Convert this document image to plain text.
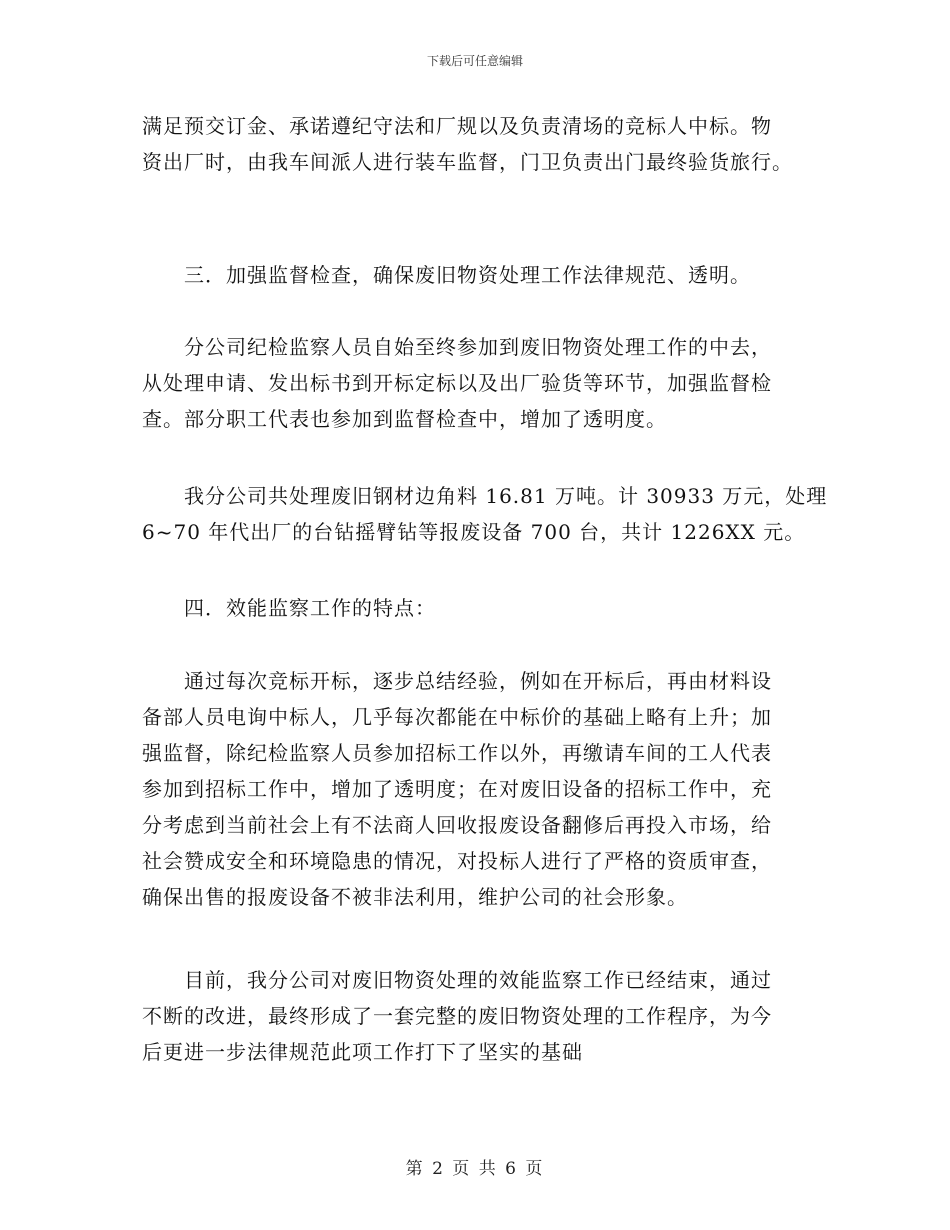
下载后可任意编辑
满足预交订金、承诺遵纪守法和厂规以及负责清场的竞标人中标。物
资出厂时，由我车间派人进行装车监督，门卫负责出门最终验货旅行。
　　三．加强监督检查，确保废旧物资处理工作法律规范、透明。
　　分公司纪检监察人员自始至终参加到废旧物资处理工作的中去，
从处理申请、发出标书到开标定标以及出厂验货等环节，加强监督检
查。部分职工代表也参加到监督检查中，增加了透明度。
　　我分公司共处理废旧钢材边角料 16.81 万吨。计 30933 万元，处理
6~70 年代出厂的台钻摇臂钻等报废设备 700 台，共计 1226XX 元。
　　四．效能监察工作的特点：
　　通过每次竞标开标，逐步总结经验，例如在开标后，再由材料设
备部人员电询中标人，几乎每次都能在中标价的基础上略有上升；加
强监督，除纪检监察人员参加招标工作以外，再缴请车间的工人代表
参加到招标工作中，增加了透明度；在对废旧设备的招标工作中，充
分考虑到当前社会上有不法商人回收报废设备翻修后再投入市场，给
社会赞成安全和环境隐患的情况，对投标人进行了严格的资质审查，
确保出售的报废设备不被非法利用，维护公司的社会形象。
　　目前，我分公司对废旧物资处理的效能监察工作已经结束，通过
不断的改进，最终形成了一套完整的废旧物资处理的工作程序，为今
后更进一步法律规范此项工作打下了坚实的基础
第 2 页 共 6 页
